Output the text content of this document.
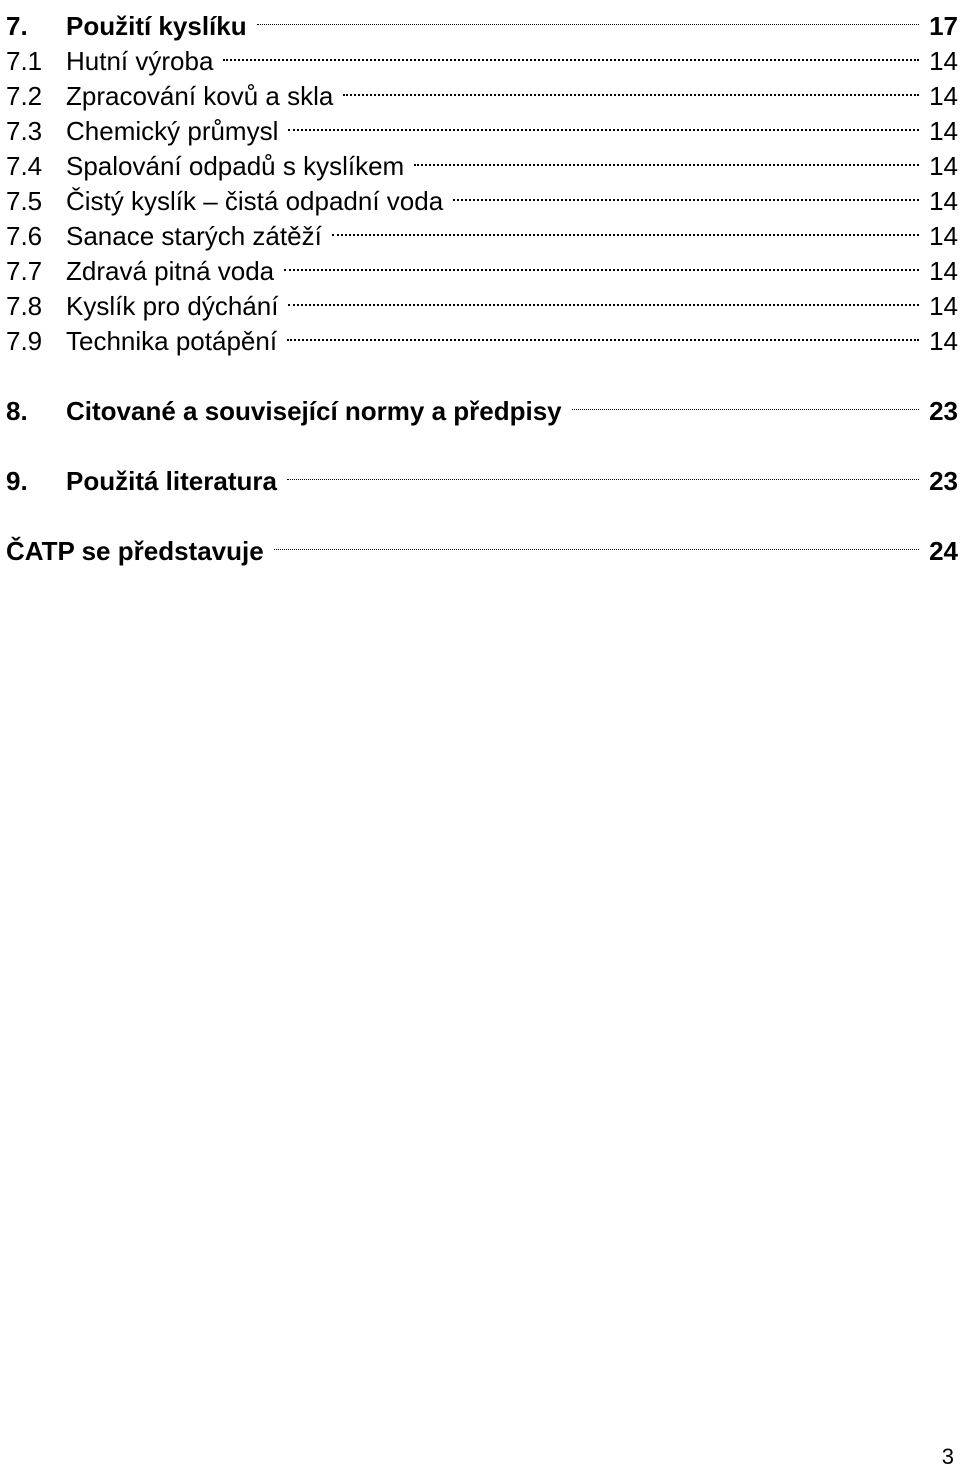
7.	Použití kyslíku	17
7.1 Hutní výroba	14
7.2 Zpracování kovů a skla	14
7.3 Chemický průmysl	14
7.4 Spalování odpadů s kyslíkem	14
7.5 Čistý kyslík – čistá odpadní voda	14
7.6 Sanace starých zátěží	14
7.7 Zdravá pitná voda	14
7.8 Kyslík pro dýchání	14
7.9 Technika potápění	14
8.	Citované a související normy a předpisy	23
9.	Použitá literatura	23
ČATP se představuje	24
3
